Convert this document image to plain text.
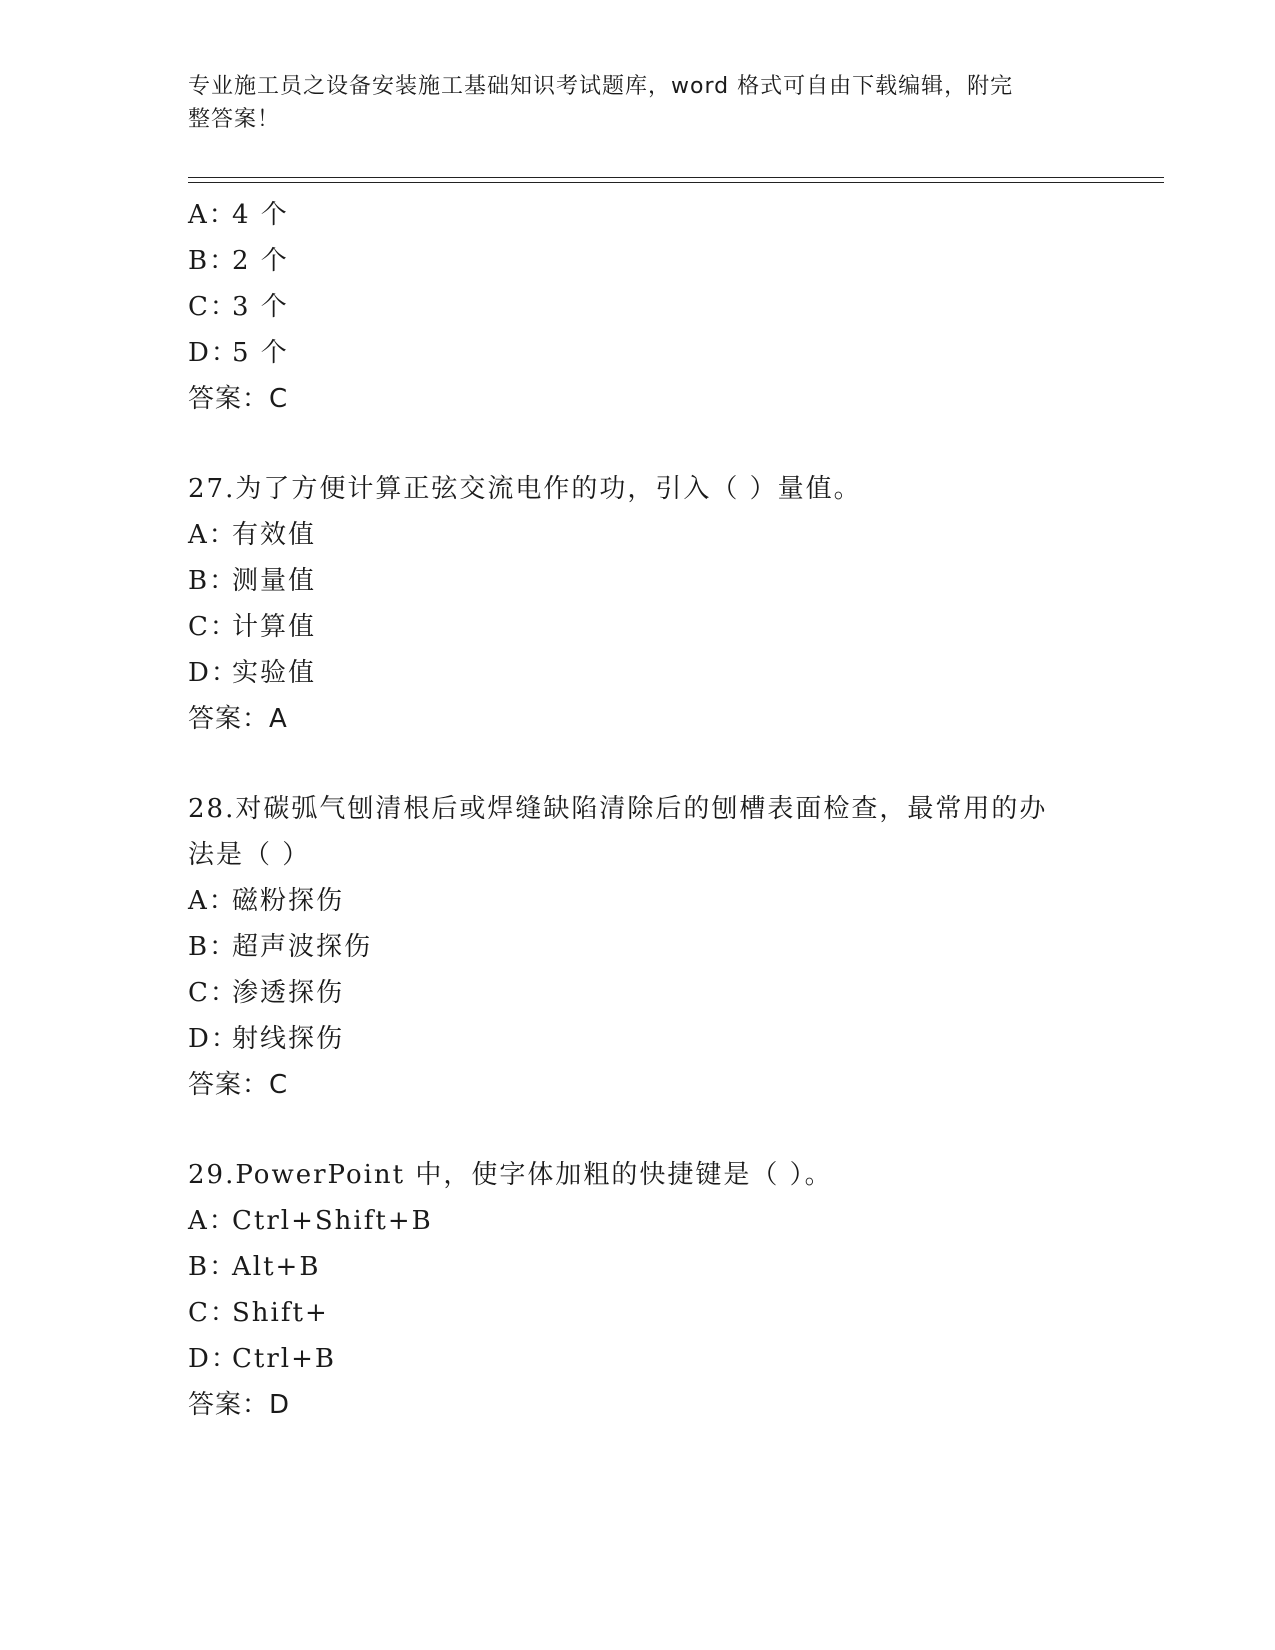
专业施工员之设备安装施工基础知识考试题库，word 格式可自由下载编辑，附完
整答案！
A：4 个
B：2 个
C：3 个
D：5 个
答案：C
27.为了方便计算正弦交流电作的功，引入（ ）量值。
A：有效值
B：测量值
C：计算值
D：实验值
答案：A
28.对碳弧气刨清根后或焊缝缺陷清除后的刨槽表面检查，最常用的办
法是（ ）
A：磁粉探伤
B：超声波探伤
C：渗透探伤
D：射线探伤
答案：C
29.PowerPoint 中，使字体加粗的快捷键是（ ）。
A：Ctrl+Shift+B
B：Alt+B
C：Shift+
D：Ctrl+B
答案：D
